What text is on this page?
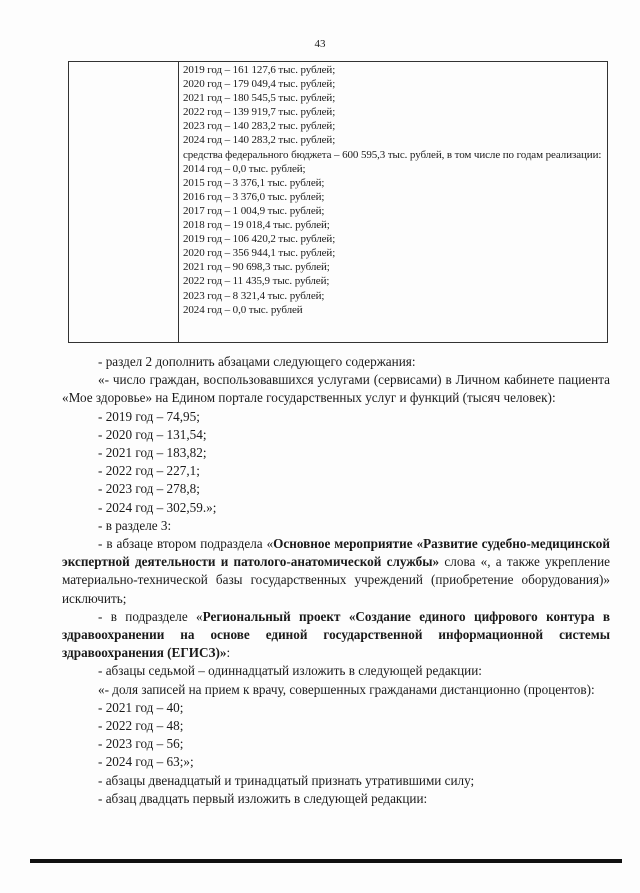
43
2019 год – 161 127,6 тыс. рублей;
2020 год – 179 049,4 тыс. рублей;
2021 год – 180 545,5 тыс. рублей;
2022 год – 139 919,7 тыс. рублей;
2023 год – 140 283,2 тыс. рублей;
2024 год – 140 283,2 тыс. рублей;
средства федерального бюджета – 600 595,3 тыс. рублей, в том числе по годам реализации:
2014 год – 0,0 тыс. рублей;
2015 год – 3 376,1 тыс. рублей;
2016 год – 3 376,0 тыс. рублей;
2017 год – 1 004,9 тыс. рублей;
2018 год – 19 018,4 тыс. рублей;
2019 год – 106 420,2 тыс. рублей;
2020 год – 356 944,1 тыс. рублей;
2021 год – 90 698,3 тыс. рублей;
2022 год – 11 435,9 тыс. рублей;
2023 год – 8 321,4 тыс. рублей;
2024 год – 0,0 тыс. рублей
- раздел 2 дополнить абзацами следующего содержания:
«- число граждан, воспользовавшихся услугами (сервисами) в Личном кабинете пациента «Мое здоровье» на Едином портале государственных услуг и функций (тысяч человек):
- 2019 год – 74,95;
- 2020 год – 131,54;
- 2021 год – 183,82;
- 2022 год – 227,1;
- 2023 год – 278,8;
- 2024 год – 302,59.»;
- в разделе 3:
- в абзаце втором подраздела «Основное мероприятие «Развитие судебно-медицинской экспертной деятельности и патолого-анатомической службы» слова «, а также укрепление материально-технической базы государственных учреждений (приобретение оборудования)» исключить;
- в подразделе «Региональный проект «Создание единого цифрового контура в здравоохранении на основе единой государственной информационной системы здравоохранения (ЕГИСЗ)»:
- абзацы седьмой – одиннадцатый изложить в следующей редакции:
«- доля записей на прием к врачу, совершенных гражданами дистанционно (процентов):
- 2021 год – 40;
- 2022 год – 48;
- 2023 год – 56;
- 2024 год – 63;»;
- абзацы двенадцатый и тринадцатый признать утратившими силу;
- абзац двадцать первый изложить в следующей редакции:
